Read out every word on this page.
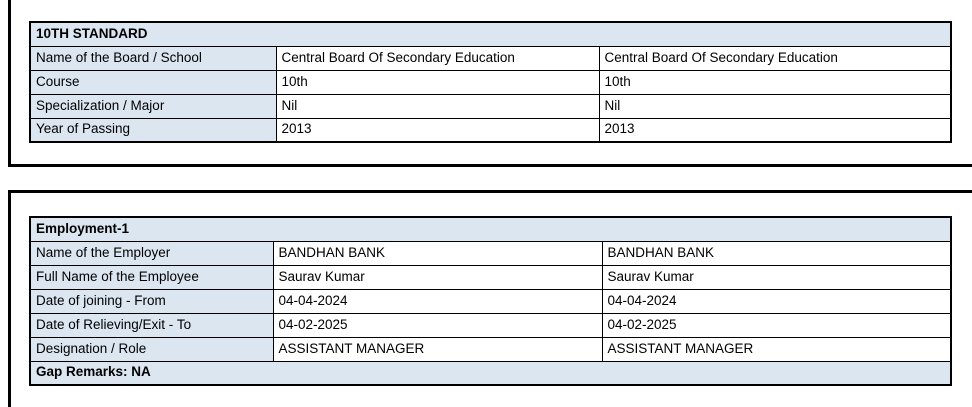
10TH STANDARD		
Name of the Board / School	Central Board Of Secondary Education	Central Board Of Secondary Education
Course	10th	10th
Specialization / Major	Nil	Nil
Year of Passing	2013	2013
Employment-1		
Name of the Employer	BANDHAN BANK	BANDHAN BANK
Full Name of the Employee	Saurav Kumar	Saurav Kumar
Date of joining - From	04-04-2024	04-04-2024
Date of Relieving/Exit - To	04-02-2025	04-02-2025
Designation / Role	ASSISTANT MANAGER	ASSISTANT MANAGER
Gap Remarks: NA		
